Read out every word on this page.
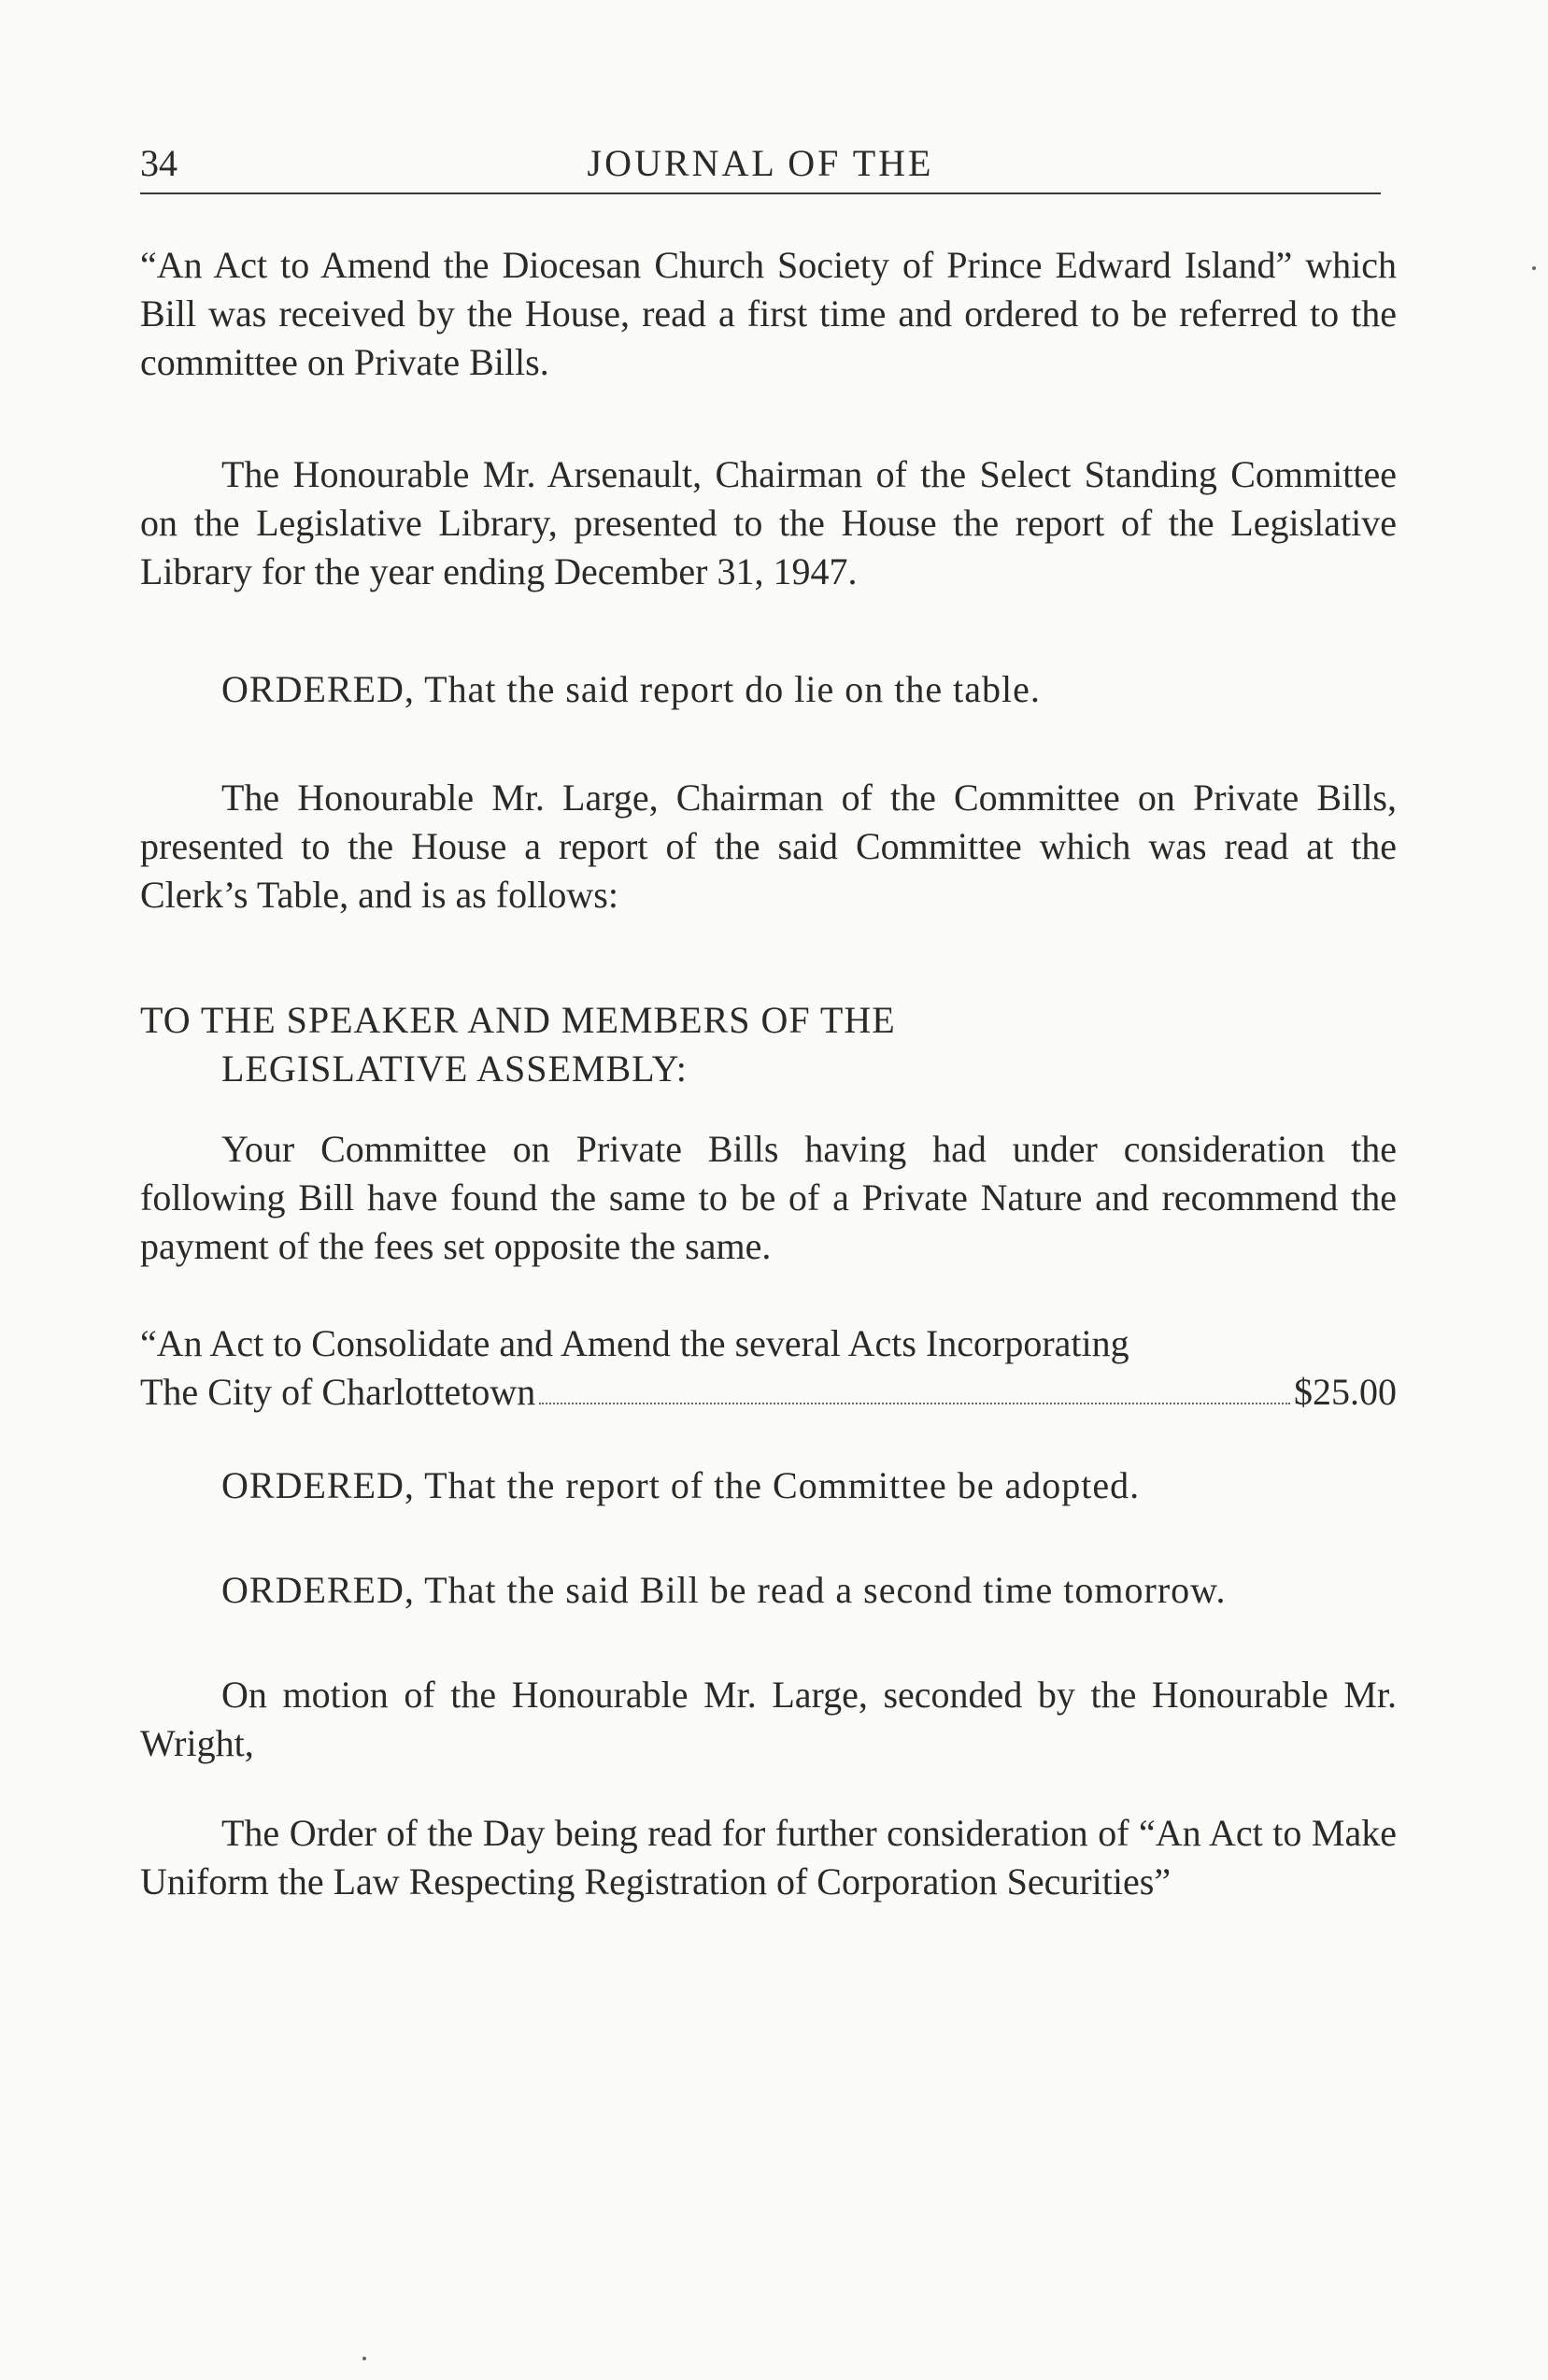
34	JOURNAL OF THE
“An Act to Amend the Diocesan Church Society of Prince Edward Island” which Bill was received by the House, read a first time and ordered to be referred to the committee on Private Bills.
The Honourable Mr. Arsenault, Chairman of the Select Standing Committee on the Legislative Library, presented to the House the report of the Legislative Library for the year ending December 31, 1947.
ORDERED, That the said report do lie on the table.
The Honourable Mr. Large, Chairman of the Committee on Private Bills, presented to the House a report of the said Committee which was read at the Clerk’s Table, and is as follows:
TO THE SPEAKER AND MEMBERS OF THE
LEGISLATIVE ASSEMBLY:
Your Committee on Private Bills having had under consideration the following Bill have found the same to be of a Private Nature and recommend the payment of the fees set opposite the same.
“An Act to Consolidate and Amend the several Acts Incorporating
The City of Charlottetown	$25.00
ORDERED, That the report of the Committee be adopted.
ORDERED, That the said Bill be read a second time tomorrow.
On motion of the Honourable Mr. Large, seconded by the Honourable Mr. Wright,
The Order of the Day being read for further consideration of “An Act to Make Uniform the Law Respecting Registration of Corporation Securities”
